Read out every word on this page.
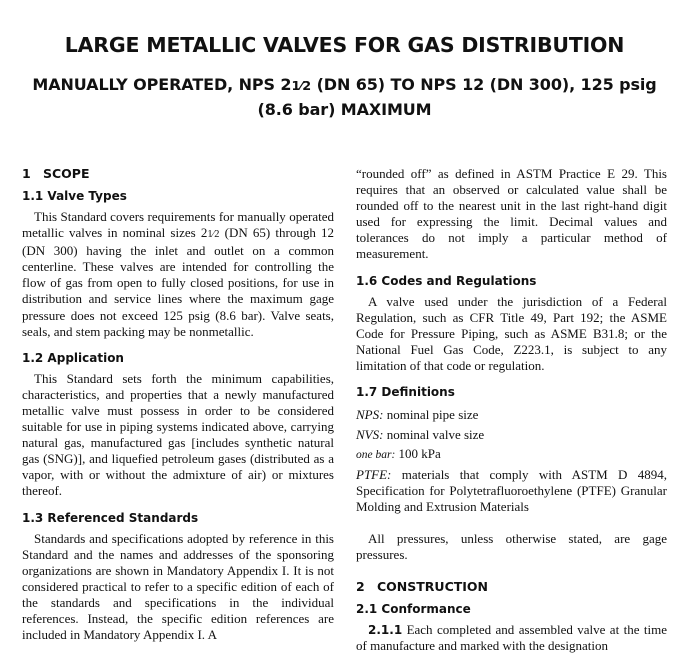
LARGE METALLIC VALVES FOR GAS DISTRIBUTION
MANUALLY OPERATED, NPS 21⁄2 (DN 65) TO NPS 12 (DN 300), 125 psig
(8.6 bar) MAXIMUM
1 SCOPE
1.1 Valve Types

This Standard covers requirements for manually operated metallic valves in nominal sizes 21⁄2 (DN 65) through 12 (DN 300) having the inlet and outlet on a common centerline. These valves are intended for controlling the flow of gas from open to fully closed positions, for use in distribution and service lines where the maximum gage pressure does not exceed 125 psig (8.6 bar). Valve seats, seals, and stem packing may be nonmetallic.

1.2 Application

This Standard sets forth the minimum capabilities, characteristics, and properties that a newly manufactured metallic valve must possess in order to be considered suitable for use in piping systems indicated above, carrying natural gas, manufactured gas [includes synthetic natural gas (SNG)], and liquefied petroleum gases (distributed as a vapor, with or without the admixture of air) or mixtures thereof.

1.3 Referenced Standards

Standards and specifications adopted by reference in this Standard and the names and addresses of the sponsoring organizations are shown in Mandatory Appendix I. It is not considered practical to refer to a specific edition of each of the standards and specifications in the individual references. Instead, the specific edition references are included in Mandatory Appendix I. A

“rounded off” as defined in ASTM Practice E 29. This requires that an observed or calculated value shall be rounded off to the nearest unit in the last right-hand digit used for expressing the limit. Decimal values and tolerances do not imply a particular method of measurement.

1.6 Codes and Regulations

A valve used under the jurisdiction of a Federal Regulation, such as CFR Title 49, Part 192; the ASME Code for Pressure Piping, such as ASME B31.8; or the National Fuel Gas Code, Z223.1, is subject to any limitation of that code or regulation.

1.7 Definitions

NPS: nominal pipe size

NVS: nominal valve size

one bar: 100 kPa

PTFE: materials that comply with ASTM D 4894, Specification for Polytetrafluoroethylene (PTFE) Granular Molding and Extrusion Materials

All pressures, unless otherwise stated, are gage pressures.

2 CONSTRUCTION
2.1 Conformance

2.1.1 Each completed and assembled valve at the time of manufacture and marked with the designation
